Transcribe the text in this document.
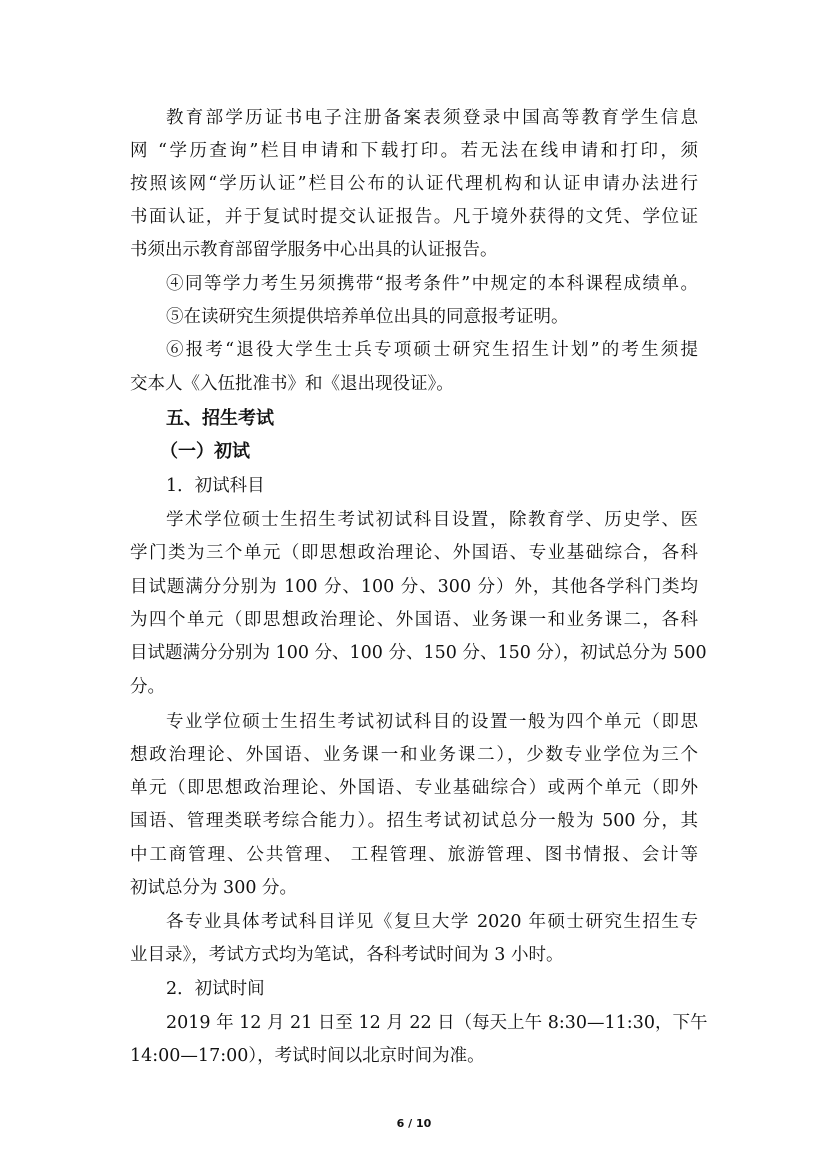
教育部学历证书电子注册备案表须登录中国高等教育学生信息

网 “学历查询”栏目申请和下载打印。若无法在线申请和打印，须

按照该网“学历认证”栏目公布的认证代理机构和认证申请办法进行

书面认证，并于复试时提交认证报告。凡于境外获得的文凭、学位证

书须出示教育部留学服务中心出具的认证报告。

④同等学力考生另须携带“报考条件”中规定的本科课程成绩单。

⑤在读研究生须提供培养单位出具的同意报考证明。

⑥报考“退役大学生士兵专项硕士研究生招生计划”的考生须提

交本人《入伍批准书》和《退出现役证》。

五、招生考试

（一）初试

1．初试科目

学术学位硕士生招生考试初试科目设置，除教育学、历史学、医

学门类为三个单元（即思想政治理论、外国语、专业基础综合，各科

目试题满分分别为 100 分、100 分、300 分）外，其他各学科门类均

为四个单元（即思想政治理论、外国语、业务课一和业务课二，各科

目试题满分分别为 100 分、100 分、150 分、150 分），初试总分为 500

分。

专业学位硕士生招生考试初试科目的设置一般为四个单元（即思

想政治理论、外国语、业务课一和业务课二），少数专业学位为三个

单元（即思想政治理论、外国语、专业基础综合）或两个单元（即外

国语、管理类联考综合能力）。招生考试初试总分一般为 500 分，其

中工商管理、公共管理、 工程管理、旅游管理、图书情报、会计等

初试总分为 300 分。

各专业具体考试科目详见《复旦大学 2020 年硕士研究生招生专

业目录》，考试方式均为笔试，各科考试时间为 3 小时。

2．初试时间

2019 年 12 月 21 日至 12 月 22 日（每天上午 8:30—11:30，下午

14:00—17:00），考试时间以北京时间为准。

6 / 10
